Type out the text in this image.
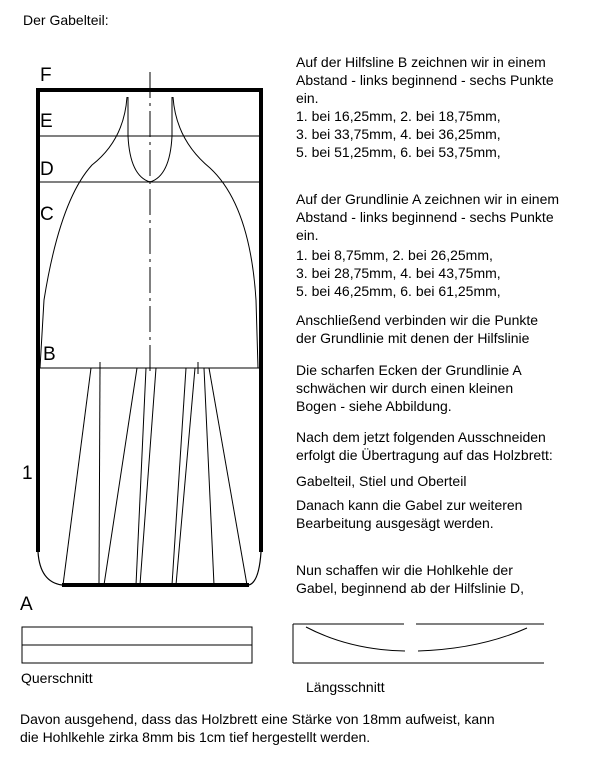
Der Gabelteil:
F
E
D
C
B
1
A
Auf der Hilfsline B zeichnen wir in einem
Abstand - links beginnend - sechs Punkte
ein.
1. bei 16,25mm, 2. bei 18,75mm,
3. bei 33,75mm, 4. bei 36,25mm,
5. bei 51,25mm, 6. bei 53,75mm,
Auf der Grundlinie A zeichnen wir in einem
Abstand - links beginnend - sechs Punkte
ein.
1. bei 8,75mm, 2. bei 26,25mm,
3. bei 28,75mm, 4. bei 43,75mm,
5. bei 46,25mm, 6. bei 61,25mm,
Anschließend verbinden wir die Punkte
der Grundlinie mit denen der Hilfslinie
Die scharfen Ecken der Grundlinie A
schwächen wir durch einen kleinen
Bogen - siehe Abbildung.
Nach dem jetzt folgenden Ausschneiden
erfolgt die Übertragung auf das Holzbrett:
Gabelteil, Stiel und Oberteil
Danach kann die Gabel zur weiteren
Bearbeitung ausgesägt werden.
Nun schaffen wir die Hohlkehle der
Gabel, beginnend ab der Hilfslinie D,
Querschnitt
Längsschnitt
Davon ausgehend, dass das Holzbrett eine Stärke von 18mm aufweist, kann
die Hohlkehle zirka 8mm bis 1cm tief hergestellt werden.
